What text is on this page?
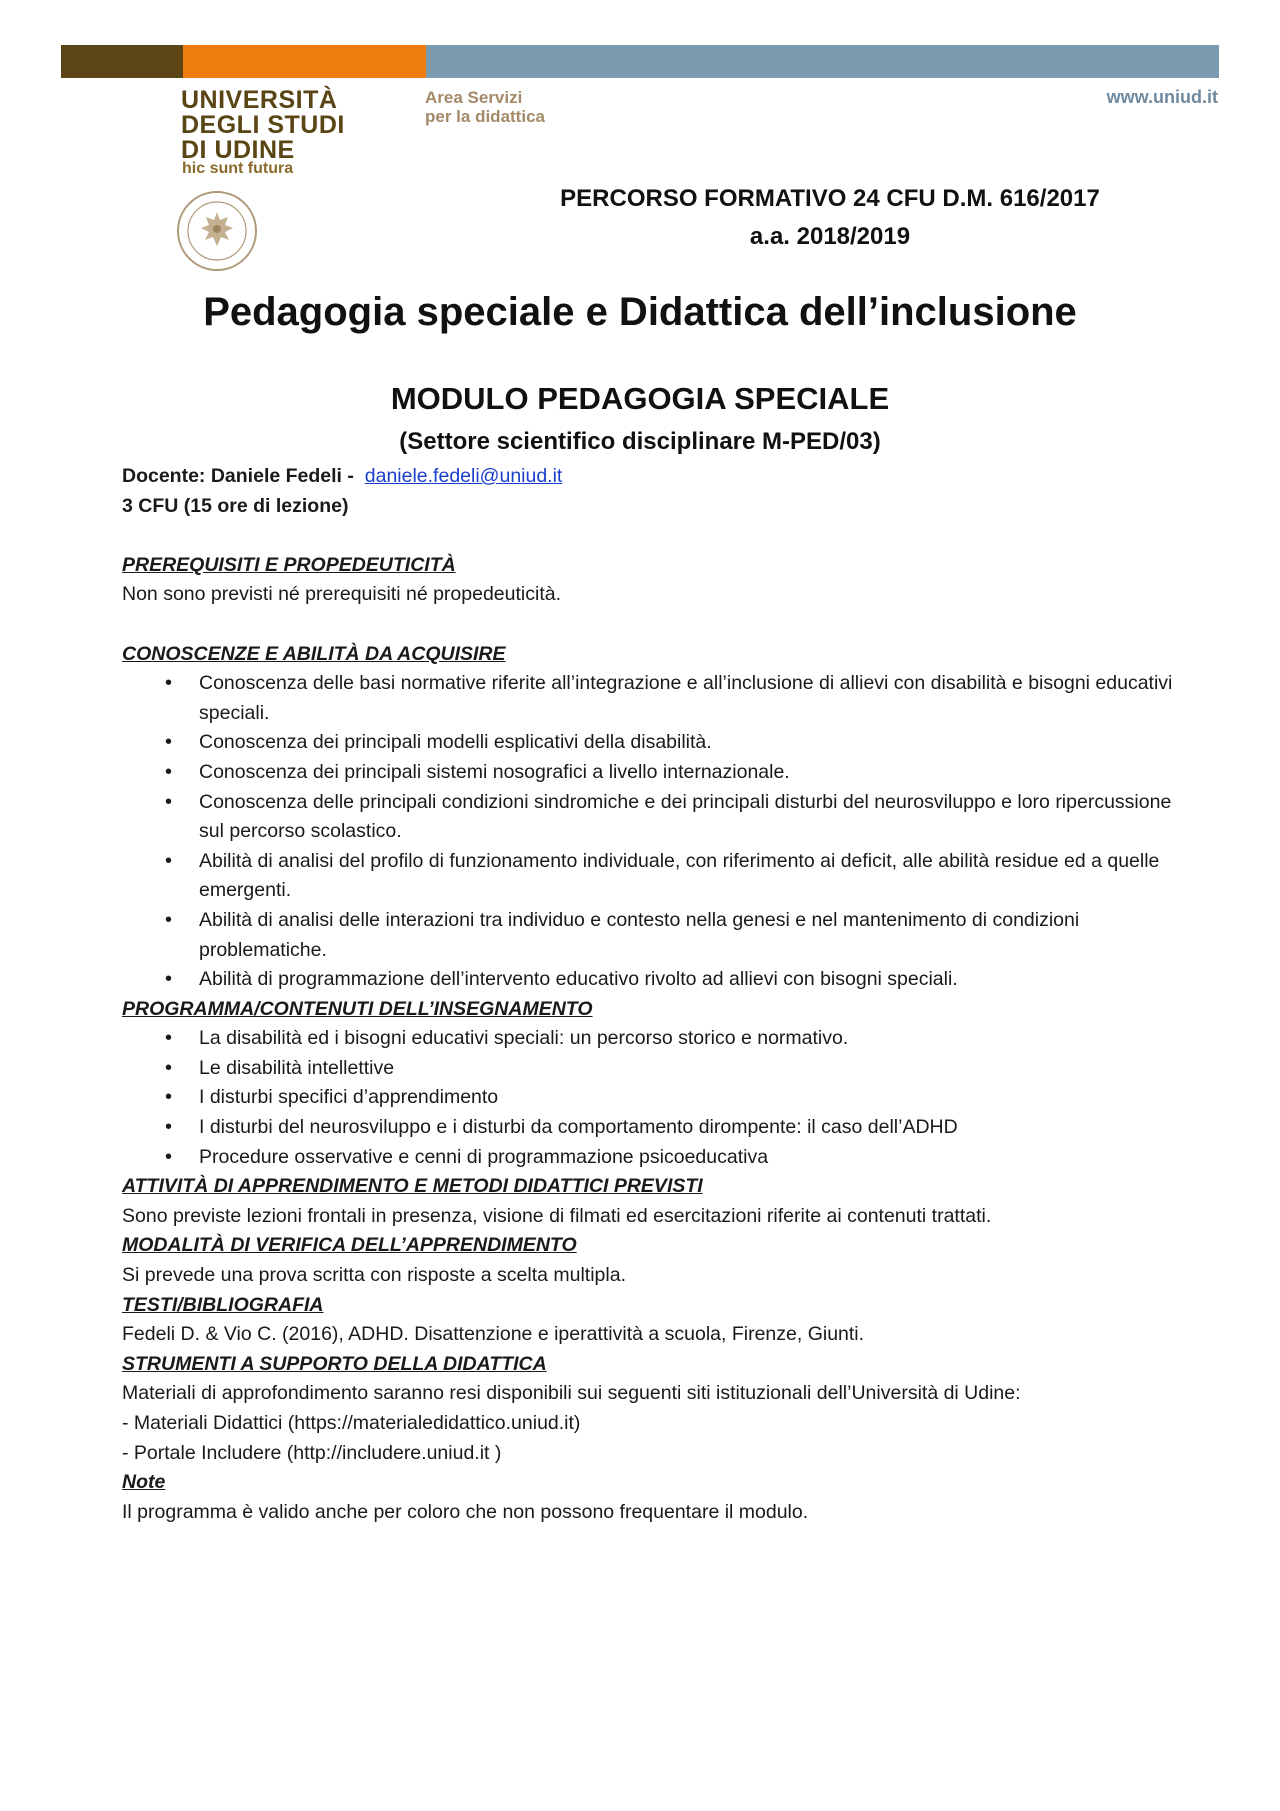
UNIVERSITÀ
DEGLI STUDI
DI UDINE
hic sunt futura
Area Servizi
per la didattica
www.uniud.it
PERCORSO FORMATIVO 24 CFU D.M. 616/2017
a.a. 2018/2019
Pedagogia speciale e Didattica dell’inclusione
MODULO PEDAGOGIA SPECIALE
(Settore scientifico disciplinare M-PED/03)

Docente: Daniele Fedeli -  daniele.fedeli@uniud.it

3 CFU (15 ore di lezione)

PREREQUISITI E PROPEDEUTICITÀ

Non sono previsti né prerequisiti né propedeuticità.

CONOSCENZE E ABILITÀ DA ACQUISIRE

• Conoscenza delle basi normative riferite all’integrazione e all’inclusione di allievi con disabilità e bisogni educativi speciali.
• Conoscenza dei principali modelli esplicativi della disabilità.
• Conoscenza dei principali sistemi nosografici a livello internazionale.
• Conoscenza delle principali condizioni sindromiche e dei principali disturbi del neurosviluppo e loro ripercussione sul percorso scolastico.
• Abilità di analisi del profilo di funzionamento individuale, con riferimento ai deficit, alle abilità residue ed a quelle emergenti.
• Abilità di analisi delle interazioni tra individuo e contesto nella genesi e nel mantenimento di condizioni problematiche.
• Abilità di programmazione dell’intervento educativo rivolto ad allievi con bisogni speciali.

PROGRAMMA/CONTENUTI DELL’INSEGNAMENTO

• La disabilità ed i bisogni educativi speciali: un percorso storico e normativo.
• Le disabilità intellettive
• I disturbi specifici d’apprendimento
• I disturbi del neurosviluppo e i disturbi da comportamento dirompente: il caso dell’ADHD
• Procedure osservative e cenni di programmazione psicoeducativa

ATTIVITÀ DI APPRENDIMENTO E METODI DIDATTICI PREVISTI

Sono previste lezioni frontali in presenza, visione di filmati ed esercitazioni riferite ai contenuti trattati.

MODALITÀ DI VERIFICA DELL’APPRENDIMENTO

Si prevede una prova scritta con risposte a scelta multipla.

TESTI/BIBLIOGRAFIA

Fedeli D. & Vio C. (2016), ADHD. Disattenzione e iperattività a scuola, Firenze, Giunti.

STRUMENTI A SUPPORTO DELLA DIDATTICA

Materiali di approfondimento saranno resi disponibili sui seguenti siti istituzionali dell’Università di Udine:

- Materiali Didattici (https://materialedidattico.uniud.it)

- Portale Includere (http://includere.uniud.it )

Note

Il programma è valido anche per coloro che non possono frequentare il modulo.
